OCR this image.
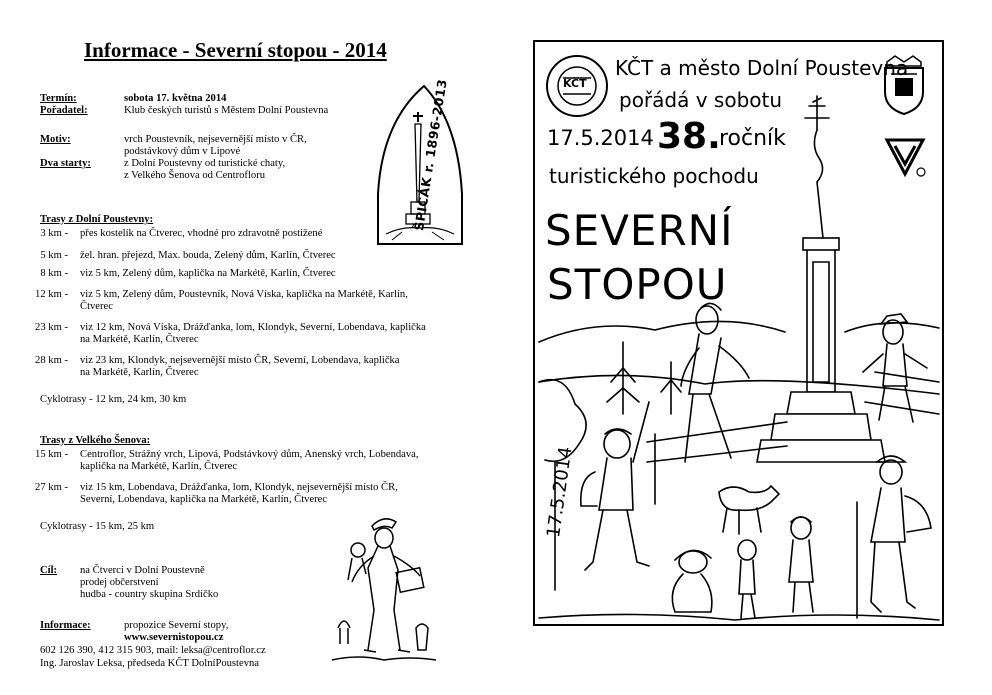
Informace - Severní stopou - 2014
Termín:	sobota 17. května 2014
Pořadatel:	Klub českých turistů s Městem Dolní Poustevna
Motiv:	vrch Poustevník, nejsevernější místo v ČR,
podstávkový dům v Lipové
Dva starty:	z Dolní Poustevny od turistické chaty,
z Velkého Šenova od Centrofloru
Trasy z Dolní Poustevny:
3 km - přes kostelík na Čtverec, vhodné pro zdravotně postižené
5 km - žel. hran. přejezd, Max. bouda, Zelený dům, Karlín, Čtverec
8 km - viz 5 km, Zelený dům, kaplička na Markétě, Karlín, Čtverec
12 km - viz 5 km, Zelený dům, Poustevník, Nová Víska, kaplička na Markétě, Karlín,
Čtverec
23 km - viz 12 km, Nová Víska, Drážďanka, lom, Klondyk, Severní, Lobendava, kaplička
na Markétě, Karlín, Čtverec
28 km - viz 23 km, Klondyk, nejsevernější místo ČR, Severní, Lobendava, kaplička
na Markétě, Karlín, Čtverec
Cyklotrasy - 12 km, 24 km, 30 km
Trasy z Velkého Šenova:
15 km - Centroflor, Strážný vrch, Lipová, Podstávkový dům, Anenský vrch, Lobendava,
kaplička na Markétě, Karlín, Čtverec
27 km - viz 15 km, Lobendava, Drážďanka, lom, Klondyk, nejsevernější místo ČR,
Severní, Lobendava, kaplička na Markétě, Karlín, Čtverec
Cyklotrasy - 15 km, 25 km
Cíl: na Čtverci v Dolní Poustevně
prodej občerstvení
hudba - country skupina Srdíčko
Informace:	propozice Severní stopy,
www.severnistopou.cz
602 126 390, 412 315 903, mail: leksa@centroflor.cz
Ing. Jaroslav Leksa, předseda KČT DolníPoustevna
ŠPIČÁK r. 1896-2013	KČT
KČT a město Dolní Poustevna
pořádá v sobotu
17.5.2014 38.
ročník
turistického pochodu
SEVERNÍ
STOPOU
17.5.2014
